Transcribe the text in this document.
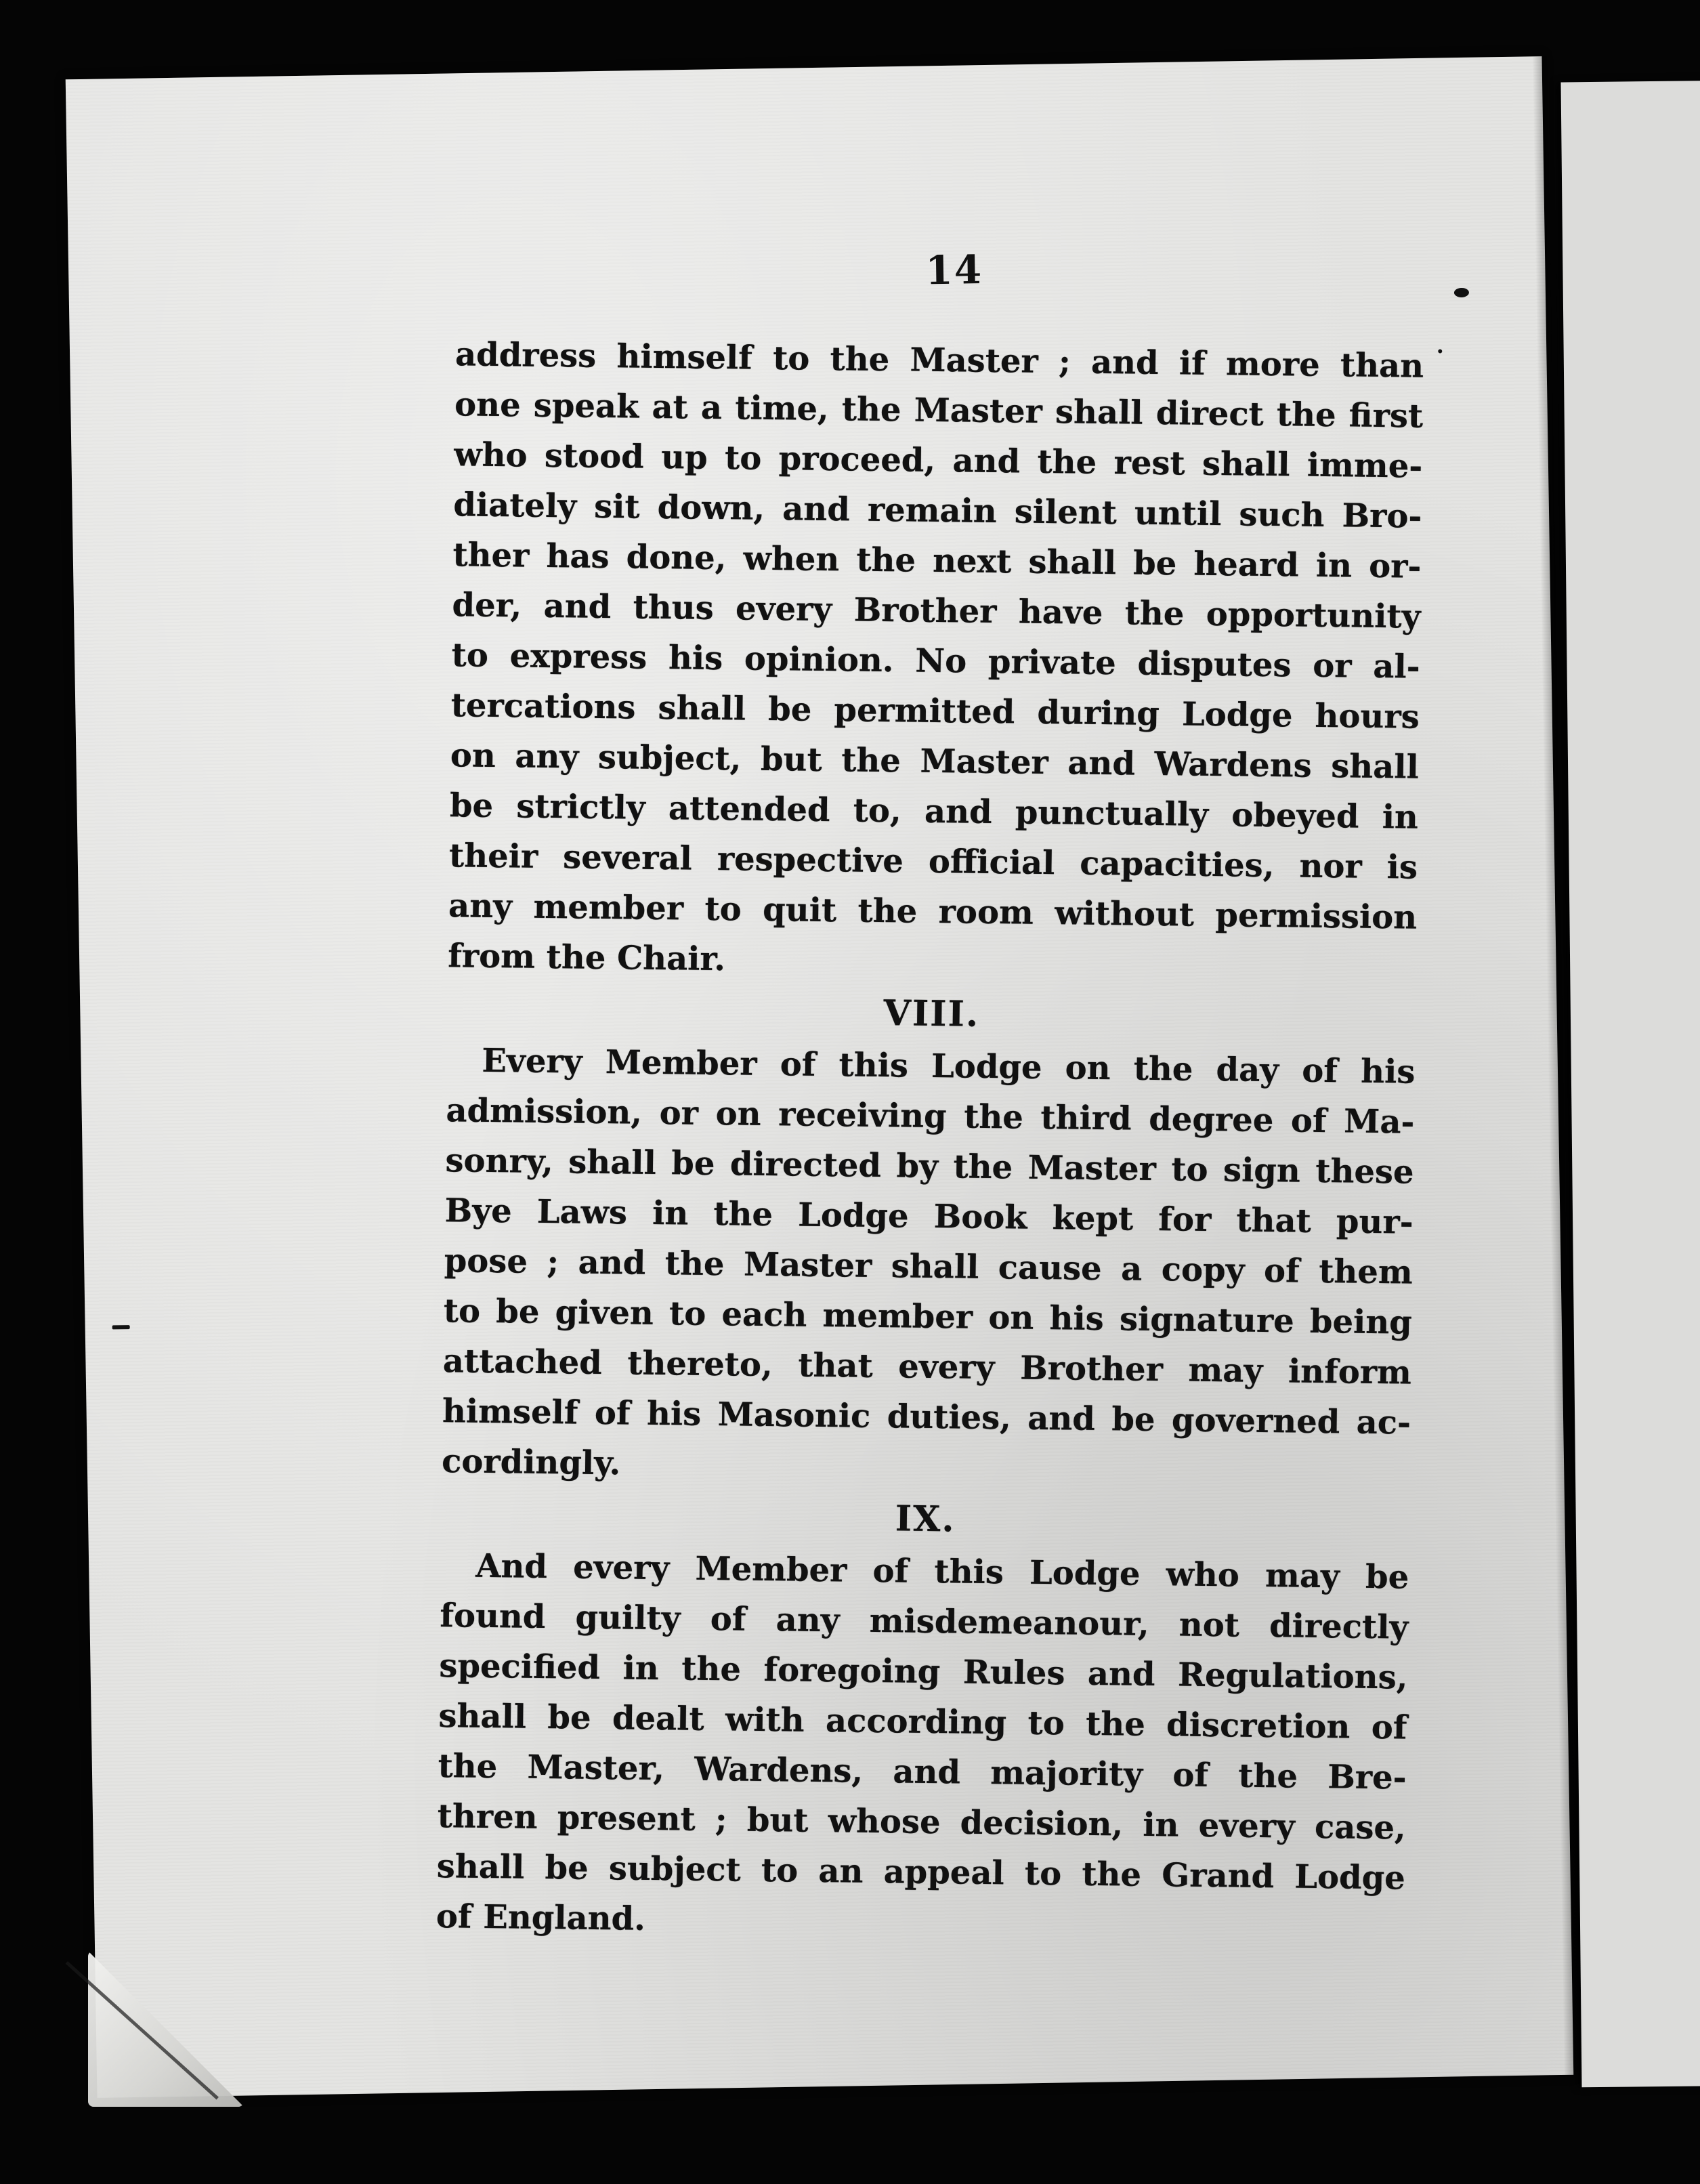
14
address himself to the Master ; and if more than
one speak at a time, the Master shall direct the first
who stood up to proceed, and the rest shall imme-
diately sit down, and remain silent until such Bro-
ther has done, when the next shall be heard in or-
der, and thus every Brother have the opportunity
to express his opinion. No private disputes or al-
tercations shall be permitted during Lodge hours
on any subject, but the Master and Wardens shall
be strictly attended to, and punctually obeyed in
their several respective official capacities, nor is
any member to quit the room without permission
from the Chair.
VIII.
Every Member of this Lodge on the day of his
admission, or on receiving the third degree of Ma-
sonry, shall be directed by the Master to sign these
Bye Laws in the Lodge Book kept for that pur-
pose ; and the Master shall cause a copy of them
to be given to each member on his signature being
attached thereto, that every Brother may inform
himself of his Masonic duties, and be governed ac-
cordingly.
IX.
And every Member of this Lodge who may be
found guilty of any misdemeanour, not directly
specified in the foregoing Rules and Regulations,
shall be dealt with according to the discretion of
the Master, Wardens, and majority of the Bre-
thren present ; but whose decision, in every case,
shall be subject to an appeal to the Grand Lodge
of England.
